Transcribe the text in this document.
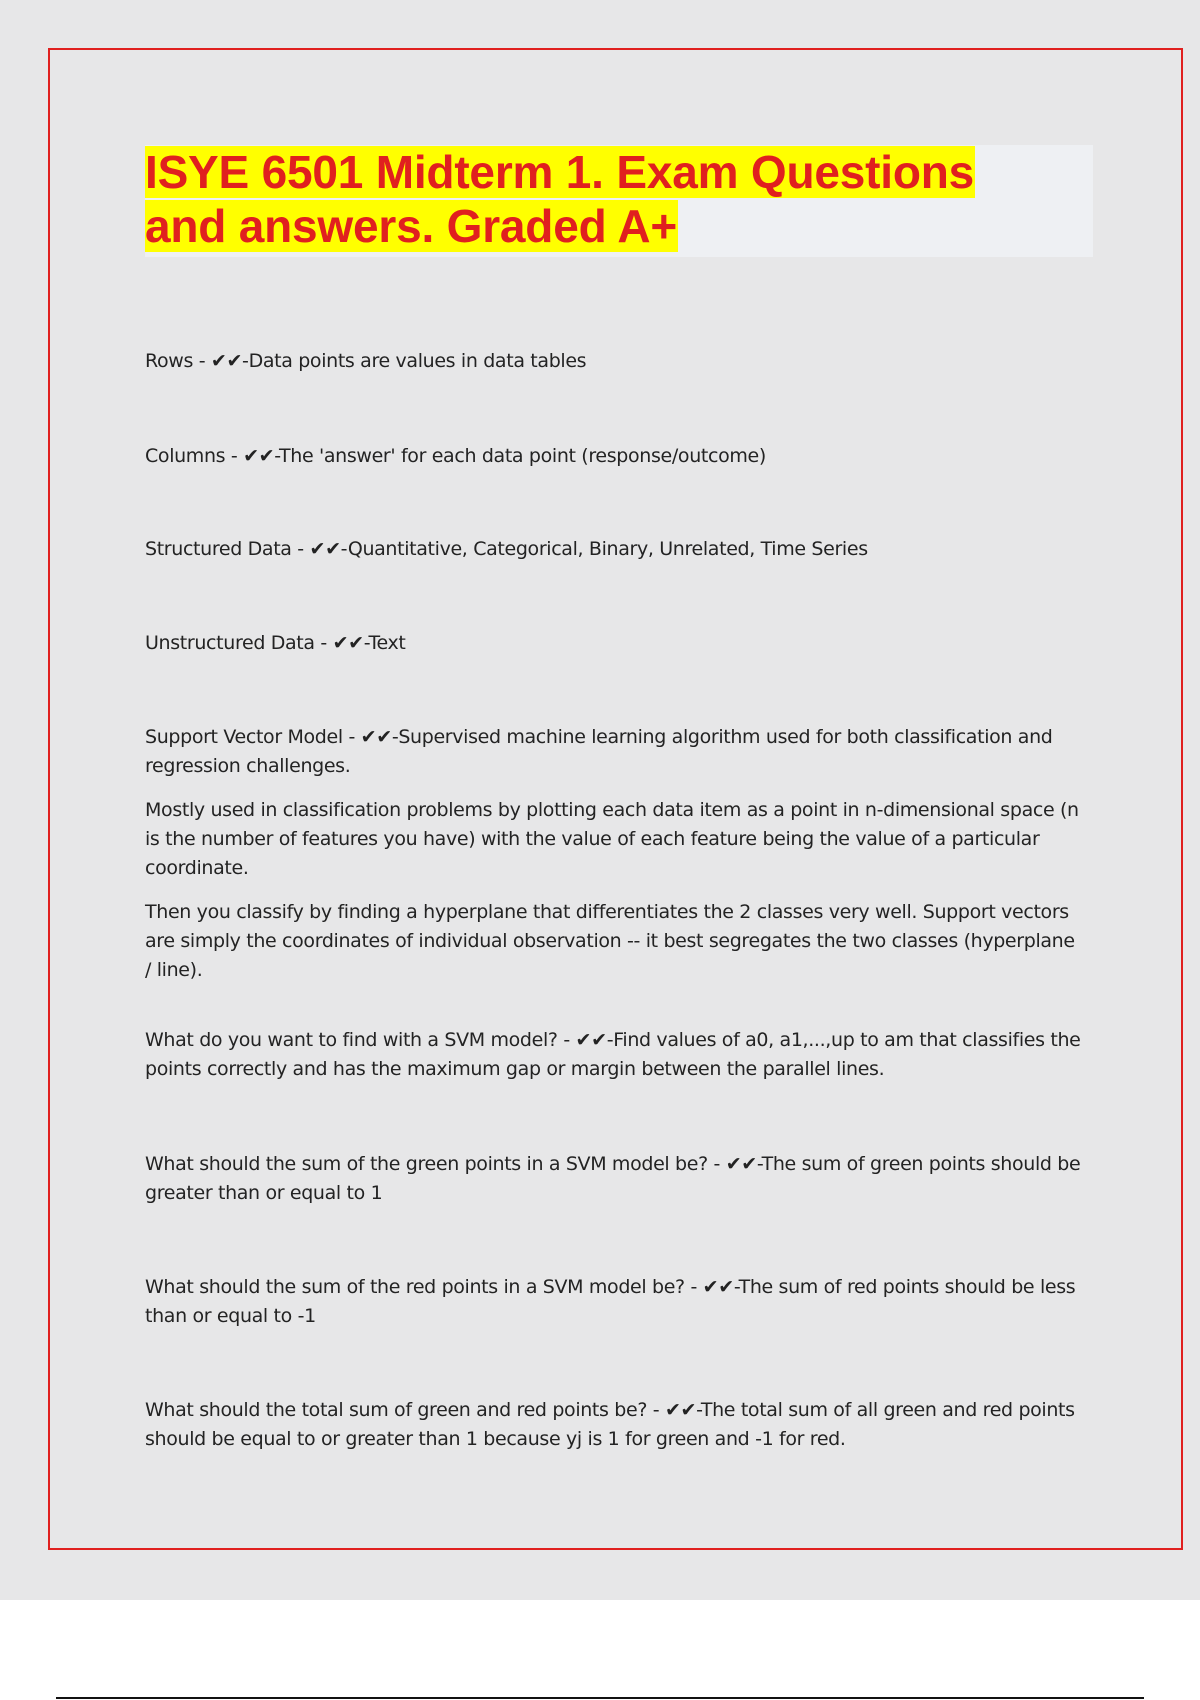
ISYE 6501 Midterm 1. Exam Questions
and answers. Graded A+

Rows - ✔✔-Data points are values in data tables

Columns - ✔✔-The 'answer' for each data point (response/outcome)

Structured Data - ✔✔-Quantitative, Categorical, Binary, Unrelated, Time Series

Unstructured Data - ✔✔-Text

Support Vector Model - ✔✔-Supervised machine learning algorithm used for both classification and regression challenges.

Mostly used in classification problems by plotting each data item as a point in n-dimensional space (n is the number of features you have) with the value of each feature being the value of a particular coordinate.

Then you classify by finding a hyperplane that differentiates the 2 classes very well. Support vectors are simply the coordinates of individual observation -- it best segregates the two classes (hyperplane / line).

What do you want to find with a SVM model? - ✔✔-Find values of a0, a1,...,up to am that classifies the points correctly and has the maximum gap or margin between the parallel lines.

What should the sum of the green points in a SVM model be? - ✔✔-The sum of green points should be greater than or equal to 1

What should the sum of the red points in a SVM model be? - ✔✔-The sum of red points should be less than or equal to -1

What should the total sum of green and red points be? - ✔✔-The total sum of all green and red points should be equal to or greater than 1 because yj is 1 for green and -1 for red.
